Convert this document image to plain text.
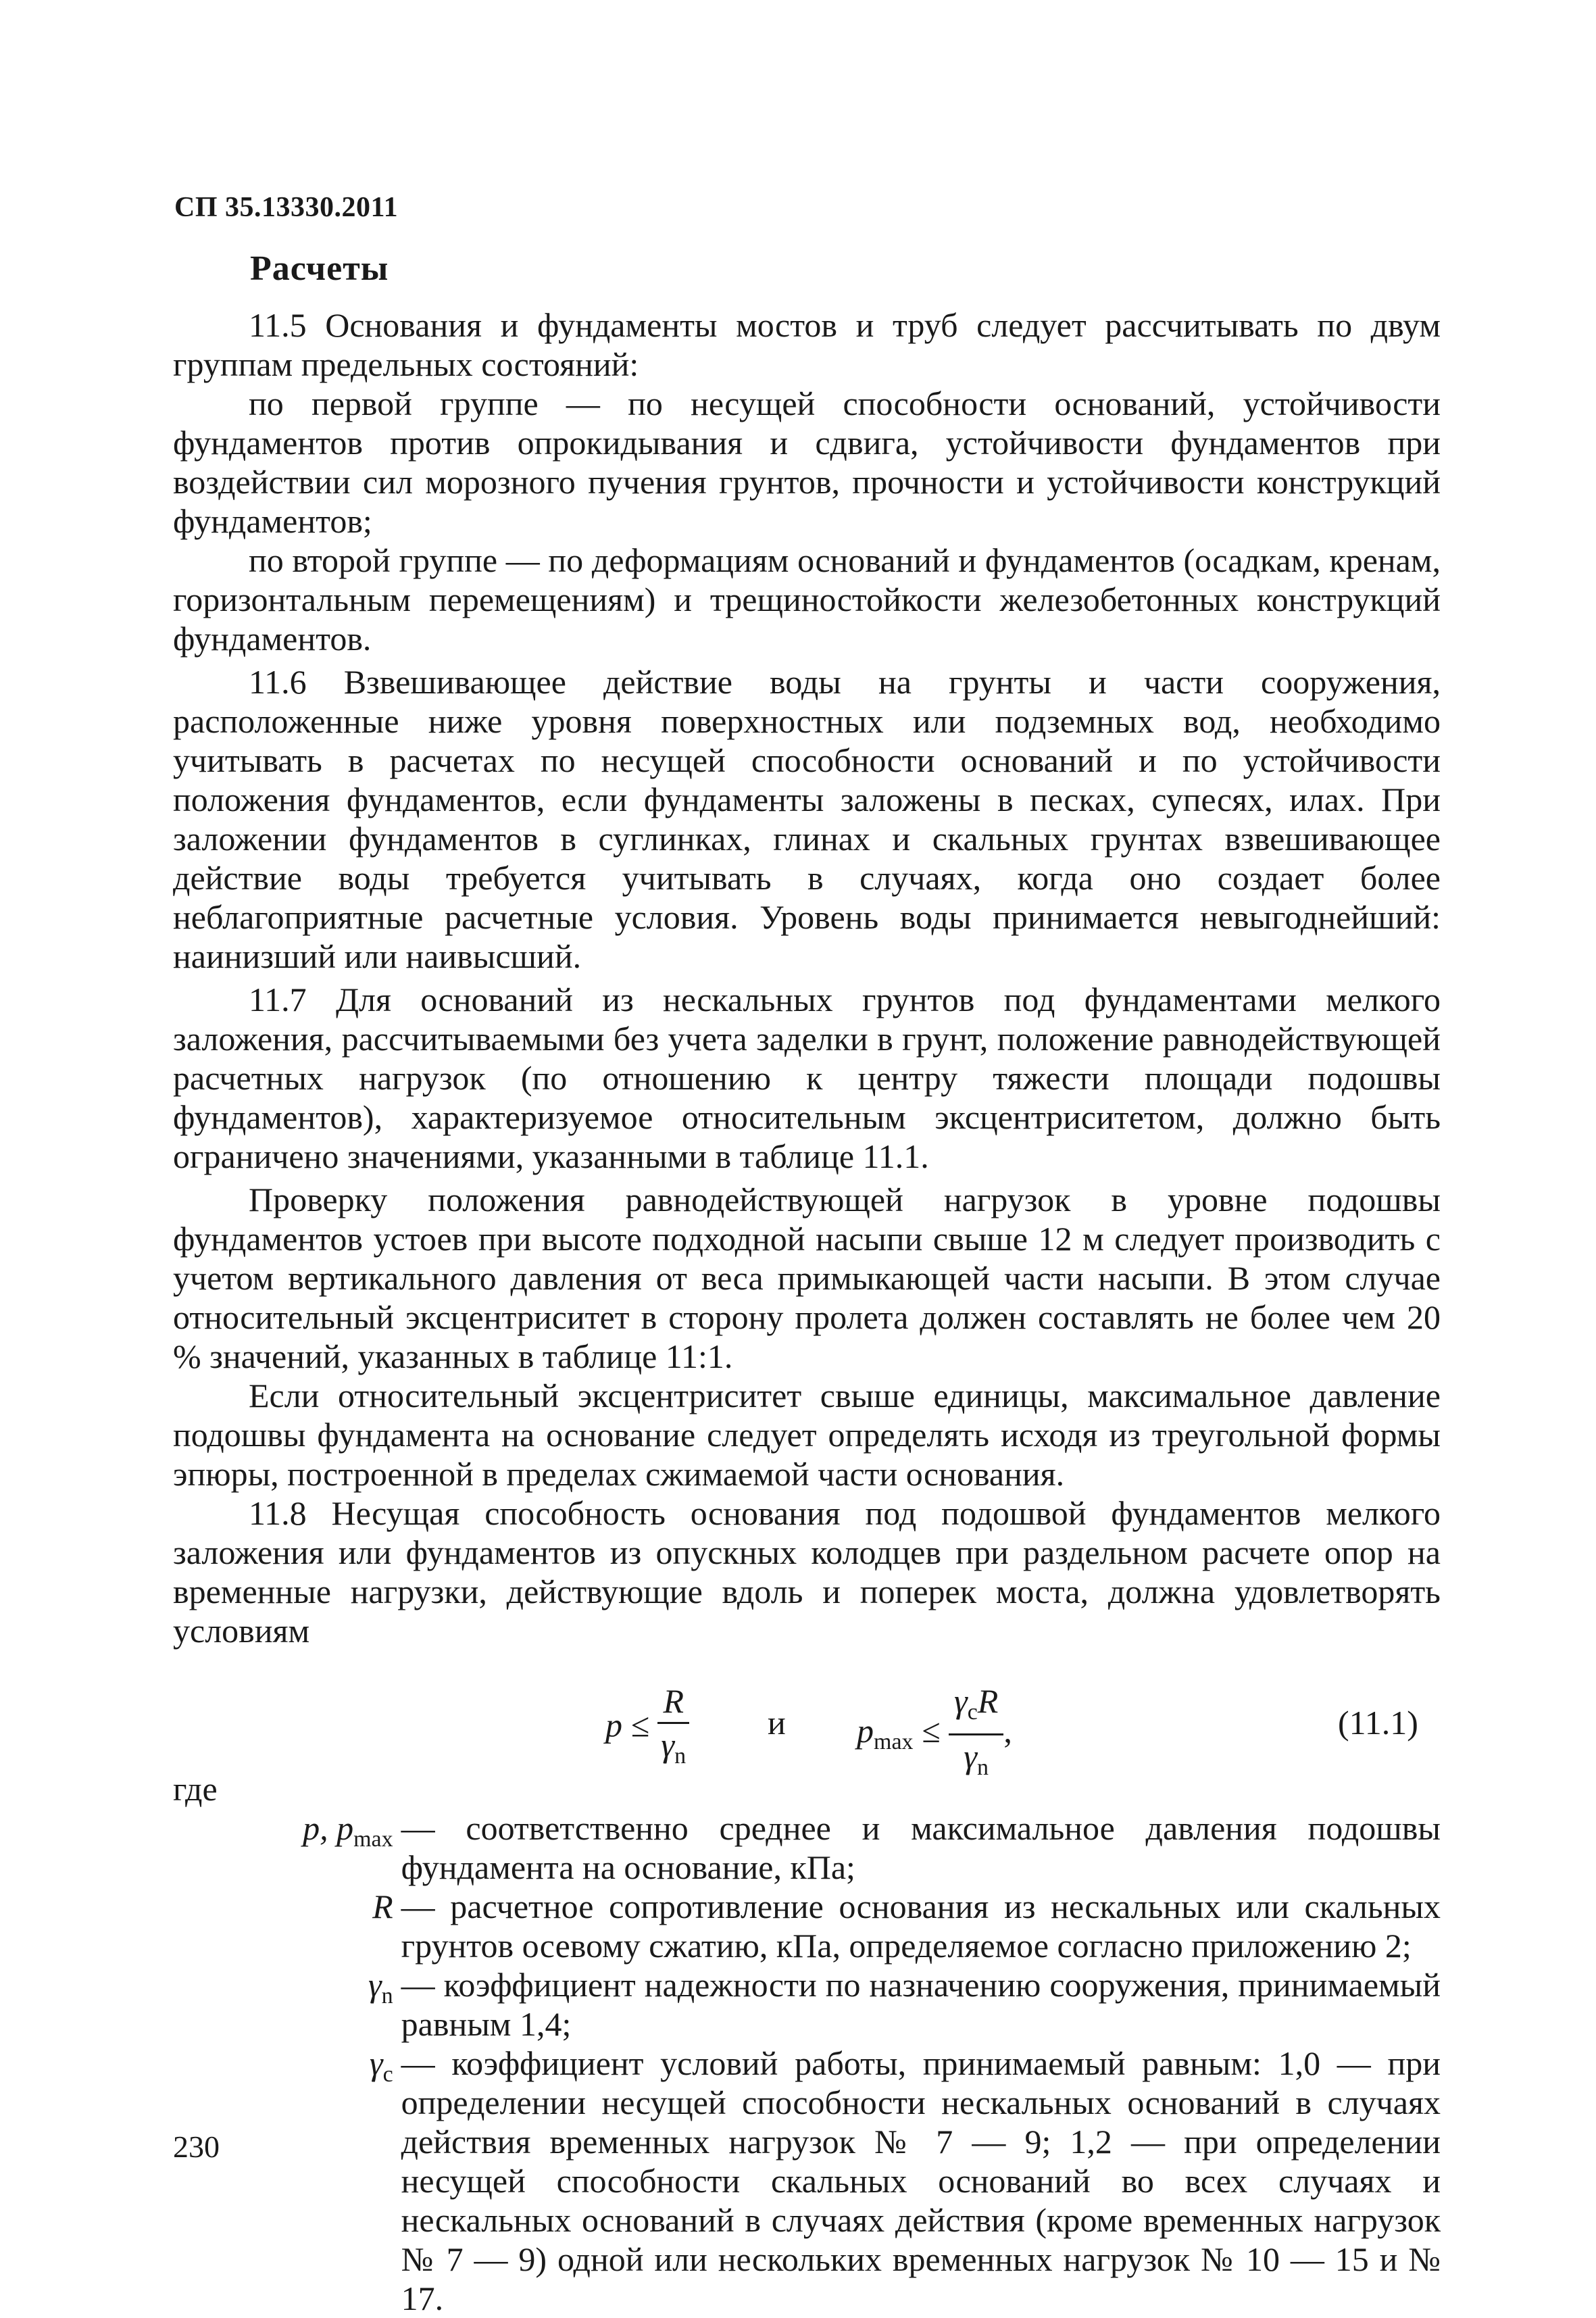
СП 35.13330.2011
Расчеты

11.5 Основания и фундаменты мостов и труб следует рассчитывать по двум группам предельных состояний:

по первой группе — по несущей способности оснований, устойчивости фундаментов против опрокидывания и сдвига, устойчивости фундаментов при воздействии сил морозного пучения грунтов, прочности и устойчивости конструкций фундаментов;

по второй группе — по деформациям оснований и фундаментов (осадкам, кренам, горизонтальным перемещениям) и трещиностойкости железобетонных конструкций фундаментов.

11.6 Взвешивающее действие воды на грунты и части сооружения, расположенные ниже уровня поверхностных или подземных вод, необходимо учитывать в расчетах по несущей способности оснований и по устойчивости положения фундаментов, если фундаменты заложены в песках, супесях, илах. При заложении фундаментов в суглинках, глинах и скальных грунтах взвешивающее действие воды требуется учитывать в случаях, когда оно создает более неблагоприятные расчетные условия. Уровень воды принимается невыгоднейший: наинизший или наивысший.

11.7 Для оснований из нескальных грунтов под фундаментами мелкого заложения, рассчитываемыми без учета заделки в грунт, положение равнодействующей расчетных нагрузок (по отношению к центру тяжести площади подошвы фундаментов), характеризуемое относительным эксцентриситетом, должно быть ограничено значениями, указанными в таблице 11.1.

Проверку положения равнодействующей нагрузок в уровне подошвы фундаментов устоев при высоте подходной насыпи свыше 12 м следует производить с учетом вертикального давления от веса примыкающей части насыпи. В этом случае относительный эксцентриситет в сторону пролета должен составлять не более чем 20 % значений, указанных в таблице 11:1.

Если относительный эксцентриситет свыше единицы, максимальное давление подошвы фундамента на основание следует определять исходя из треугольной формы эпюры, построенной в пределах сжимаемой части основания.

11.8 Несущая способность основания под подошвой фундаментов мелкого заложения или фундаментов из опускных колодцев при раздельном расчете опор на временные нагрузки, действующие вдоль и поперек моста, должна удовлетворять условиям

$p \le \frac{R}{\gamma_n}$ и $p_{max} \le \frac{\gamma_cR}{\gamma_n}$ ,	(11.1)
где
p, $p_{max}$ — соответственно среднее и максимальное давления подошвы фундамента на основание, кПа;
R — расчетное сопротивление основания из нескальных или скальных грунтов осевому сжатию, кПа, определяемое согласно приложению 2;
$\gamma_n$ — коэффициент надежности по назначению сооружения, принимаемый равным 1,4;
$\gamma_c$ — коэффициент условий работы, принимаемый равным: 1,0 — при определении несущей способности нескальных оснований в случаях действия временных нагрузок № 7 — 9; 1,2 — при определении несущей способности скальных оснований во всех случаях и нескальных оснований в случаях действия (кроме временных нагрузок № 7 — 9) одной или нескольких временных нагрузок № 10 — 15 и № 17.
230
